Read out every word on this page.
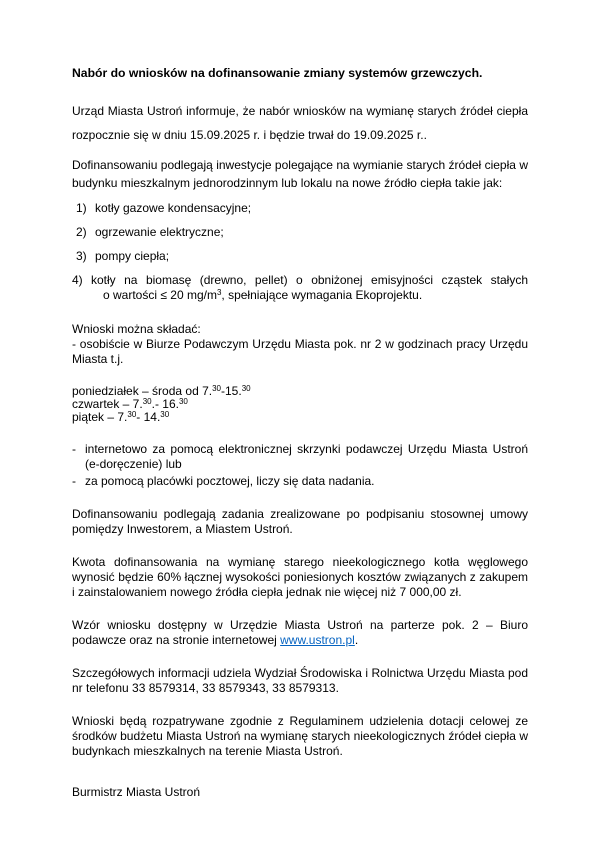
Nabór do wniosków na dofinansowanie zmiany systemów grzewczych.

Urząd Miasta Ustroń informuje, że nabór wniosków na wymianę starych źródeł ciepła

rozpocznie się w dniu 15.09.2025 r. i będzie trwał do 19.09.2025 r..

Dofinansowaniu podlegają inwestycje polegające na wymianie starych źródeł ciepła w budynku mieszkalnym jednorodzinnym lub lokalu na nowe źródło ciepła takie jak:

1) kotły gazowe kondensacyjne;
2) ogrzewanie elektryczne;
3) pompy ciepła;
4) kotły na biomasę (drewno, pellet) o obniżonej emisyjności cząstek stałych
o wartości ≤ 20 $mg/m^3$, spełniające wymagania Ekoprojektu.

Wnioski można składać:

- osobiście w Biurze Podawczym Urzędu Miasta pok. nr 2 w godzinach pracy Urzędu Miasta t.j.

poniedziałek – środa od 7.30-15.30
czwartek – 7.30.- 16.30
piątek – 7.30- 14.30
- internetowo za pomocą elektronicznej skrzynki podawczej Urzędu Miasta Ustroń (e-doręczenie) lub
- za pomocą placówki pocztowej, liczy się data nadania.

Dofinansowaniu podlegają zadania zrealizowane po podpisaniu stosownej umowy pomiędzy Inwestorem, a Miastem Ustroń.

Kwota dofinansowania na wymianę starego nieekologicznego kotła węglowego wynosić będzie 60% łącznej wysokości poniesionych kosztów związanych z zakupem i zainstalowaniem nowego źródła ciepła jednak nie więcej niż 7 000,00 zł.

Wzór wniosku dostępny w Urzędzie Miasta Ustroń na parterze pok. 2 – Biuro podawcze oraz na stronie internetowej www.ustron.pl.

Szczegółowych informacji udziela Wydział Środowiska i Rolnictwa Urzędu Miasta pod nr telefonu 33 8579314, 33 8579343, 33 8579313.

Wnioski będą rozpatrywane zgodnie z Regulaminem udzielenia dotacji celowej ze środków budżetu Miasta Ustroń na wymianę starych nieekologicznych źródeł ciepła w budynkach mieszkalnych na terenie Miasta Ustroń.

Burmistrz Miasta Ustroń
